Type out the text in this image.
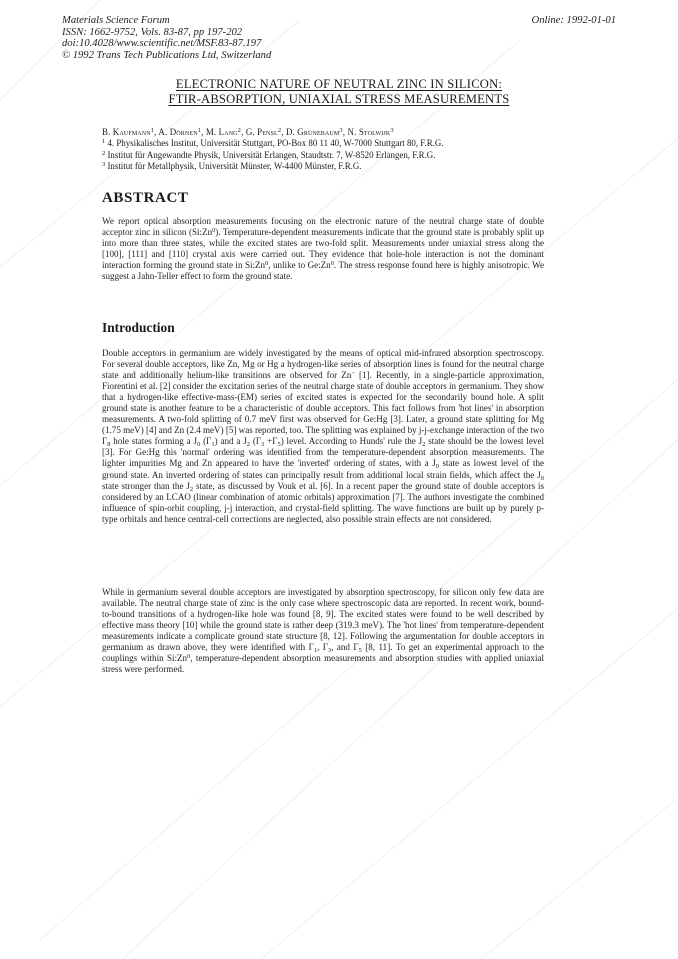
Materials Science Forum
ISSN: 1662-9752, Vols. 83-87, pp 197-202
doi:10.4028/www.scientific.net/MSF.83-87.197
© 1992 Trans Tech Publications Ltd, Switzerland
Online: 1992-01-01
ELECTRONIC NATURE OF NEUTRAL ZINC IN SILICON:
FTIR-ABSORPTION, UNIAXIAL STRESS MEASUREMENTS
B. Kaufmann$^1$, A. Dörnen$^1$, M. Lang$^2$, G. Pensl$^2$, D. Grünebaum$^3$, N. Stolwijk$^3$
$^1$ 4. Physikalisches Institut, Universität Stuttgart, PO-Box 80 11 40, W-7000 Stuttgart 80, F.R.G.
$^2$ Institut für Angewandte Physik, Universität Erlangen, Staudtstr. 7, W-8520 Erlangen, F.R.G.
$^3$ Institut für Metallphysik, Universität Münster, W-4400 Münster, F.R.G.
ABSTRACT
We report optical absorption measurements focusing on the electronic nature of the neutral charge state of double acceptor zinc in silicon (Si:Zn$^0$). Temperature-dependent measurements indicate that the ground state is probably split up into more than three states, while the excited states are two-fold split. Measurements under uniaxial stress along the [100], [111] and [110] crystal axis were carried out. They evidence that hole-hole interaction is not the dominant interaction forming the ground state in Si:Zn$^0$, unlike to Ge:Zn$^0$. The stress response found here is highly anisotropic. We suggest a Jahn-Teller effect to form the ground state.
Introduction
Double acceptors in germanium are widely investigated by the means of optical mid-infrared absorption spectroscopy. For several double acceptors, like Zn, Mg or Hg a hydrogen-like series of absorption lines is found for the neutral charge state and additionally helium-like transitions are observed for Zn− [1]. Recently, in a single-particle approximation, Fiorentini et al. [2] consider the excitation series of the neutral charge state of double acceptors in germanium. They show that a hydrogen-like effective-mass-(EM) series of excited states is expected for the secondarily bound hole. A split ground state is another feature to be a characteristic of double acceptors. This fact follows from 'hot lines' in absorption measurements. A two-fold splitting of 0.7 meV first was observed for Ge:Hg [3]. Later, a ground state splitting for Mg (1.75 meV) [4] and Zn (2.4 meV) [5] was reported, too. The splitting was explained by j-j-exchange interaction of the two $\Gamma_8$ hole states forming a $J_0$ $(\Gamma_1)$ and a $J_2$ $(\Gamma_3 +\Gamma_5)$ level. According to Hunds' rule the $J_2$ state should be the lowest level [3]. For Ge:Hg this 'normal' ordering was identified from the temperature-dependent absorption measurements. The lighter impurities Mg and Zn appeared to have the 'inverted' ordering of states, with a $J_0$ state as lowest level of the ground state. An inverted ordering of states can principally result from additional local strain fields, which affect the $J_0$ state stronger than the $J_2$ state, as discussed by Vouk et al. [6]. In a recent paper the ground state of double acceptors is considered by an LCAO (linear combination of atomic orbitals) approximation [7]. The authors investigate the combined influence of spin-orbit coupling, j-j interaction, and crystal-field splitting. The wave functions are built up by purely p-type orbitals and hence central-cell corrections are neglected, also possible strain effects are not considered.
While in germanium several double acceptors are investigated by absorption spectroscopy, for silicon only few data are available. The neutral charge state of zinc is the only case where spectroscopic data are reported. In recent work, bound-to-bound transitions of a hydrogen-like hole was found [8, 9]. The excited states were found to be well described by effective mass theory [10] while the ground state is rather deep (319.3 meV). The 'hot lines' from temperature-dependent measurements indicate a complicate ground state structure [8, 12]. Following the argumentation for double acceptors in germanium as drawn above, they were identified with $\Gamma_1$, $\Gamma_3$, and $\Gamma_5$ [8, 11]. To get an experimental approach to the couplings within Si:Zn$^0$, temperature-dependent absorption measurements and absorption studies with applied uniaxial stress were performed.
